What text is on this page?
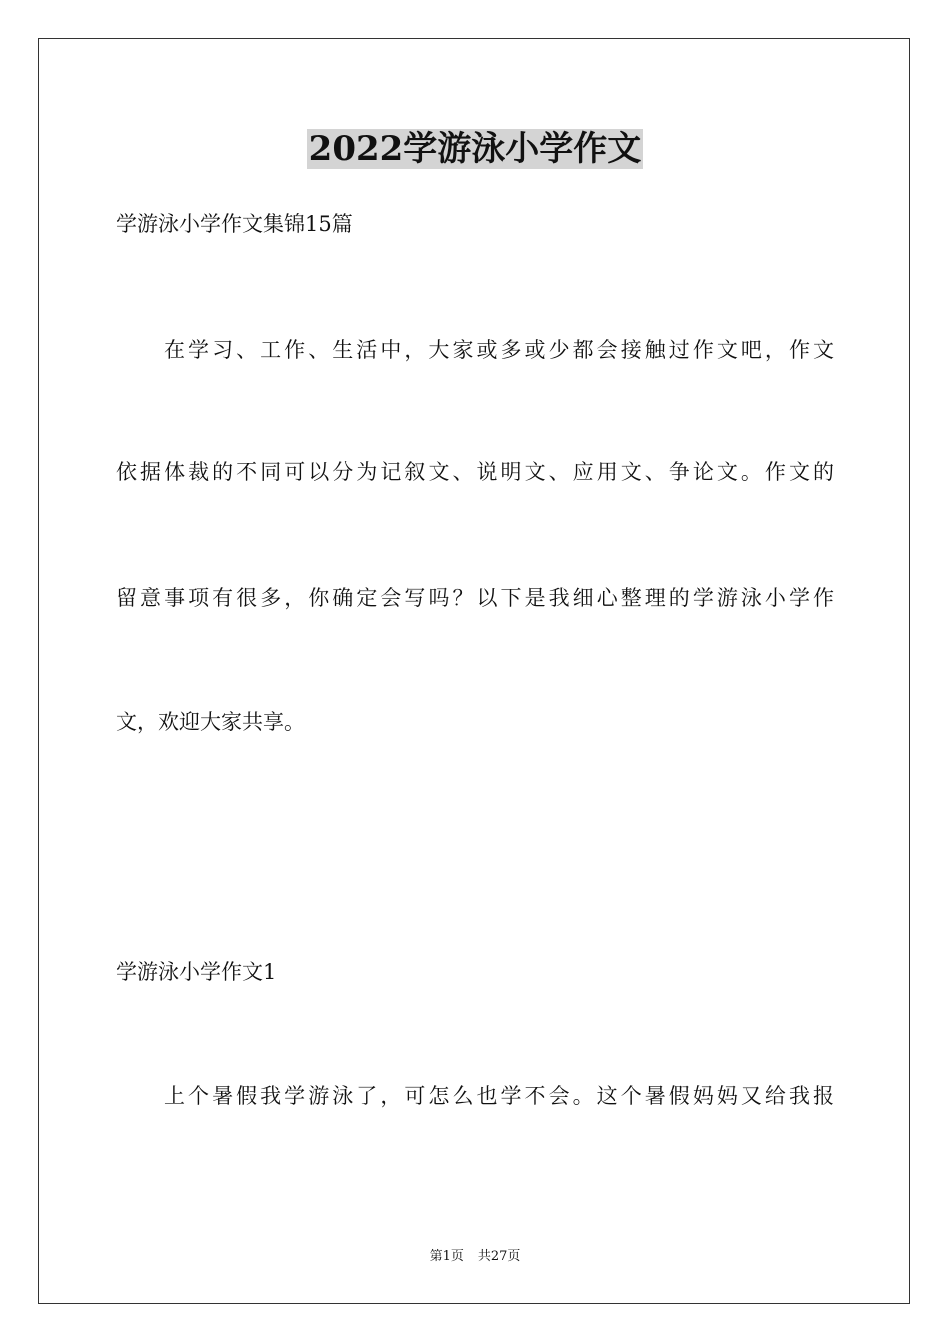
2022学游泳小学作文

学游泳小学作文集锦15篇

在学习、工作、生活中，大家或多或少都会接触过作文吧，作文

依据体裁的不同可以分为记叙文、说明文、应用文、争论文。作文的

留意事项有很多，你确定会写吗？以下是我细心整理的学游泳小学作

文，欢迎大家共享。

学游泳小学作文1

上个暑假我学游泳了，可怎么也学不会。这个暑假妈妈又给我报

第1页 共27页
